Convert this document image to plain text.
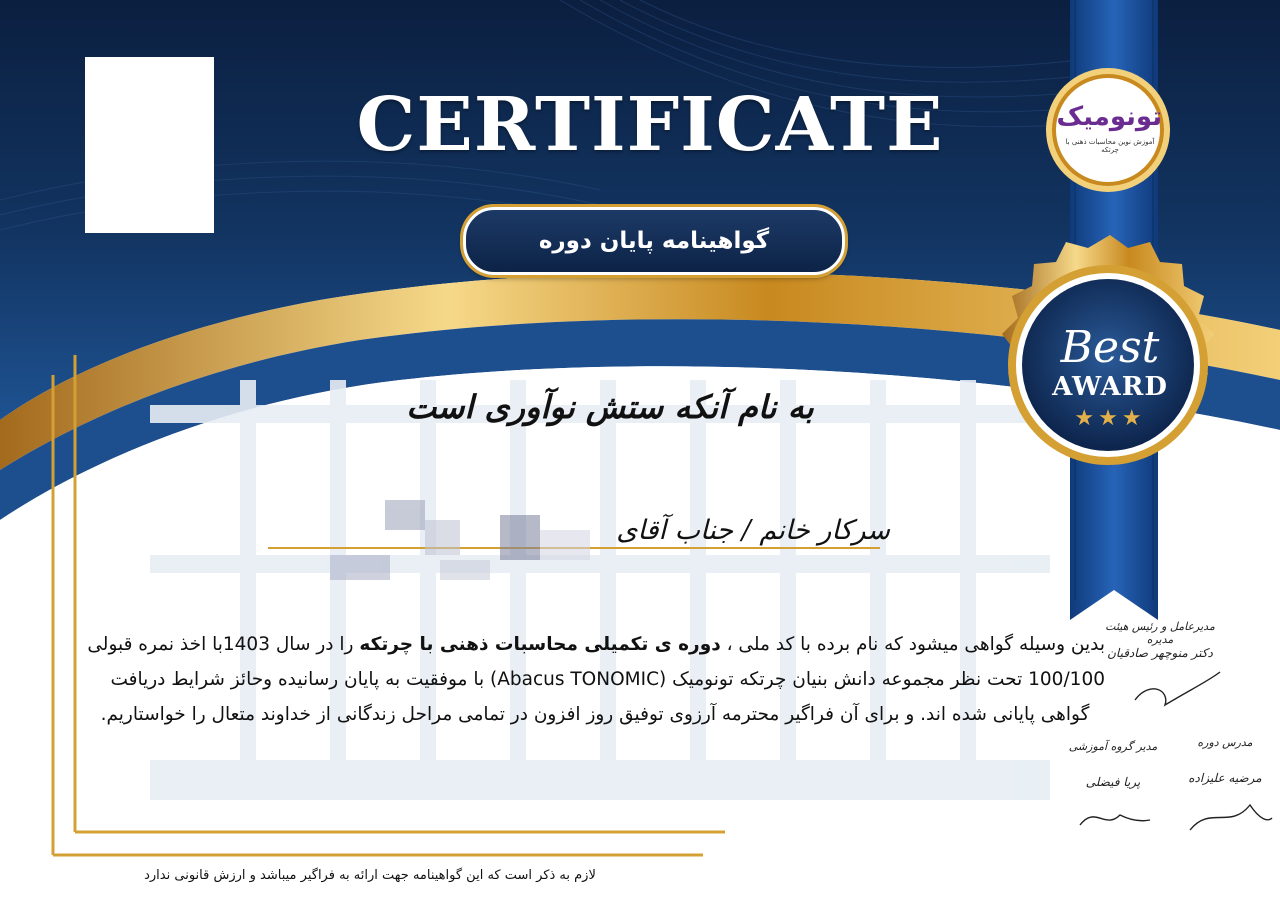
CERTIFICATE
گواهینامه پایان دوره
تونومیک
آموزش نوین محاسبات ذهنی با چرتکه
Best
AWARD
★★★
به نام آنکه ستش نوآوری است
سرکار خانم / جناب آقای
بدین وسیله گواهی میشود که نام برده با کد ملی ، دوره ی تکمیلی محاسبات ذهنی با چرتکه را در سال 1403با اخذ نمره قبولی 100/100 تحت نظر مجموعه دانش بنیان چرتکه تونومیک (Abacus TONOMIC) با موفقیت به پایان رسانیده وحائز شرایط دریافت گواهی پایانی شده اند. و برای آن فراگیر محترمه آرزوی توفیق روز افزون در تمامی مراحل زندگانی از خداوند متعال را خواستاریم.
لازم به ذکر است که این گواهینامه جهت ارائه به فراگیر میباشد و ارزش قانونی ندارد
مدیرعامل و رئیس هیئت مدیره
دکتر منوچهر صادقیان
مدیر گروه آموزشی
پریا فیضلی
مدرس دوره
مرضیه علیزاده
